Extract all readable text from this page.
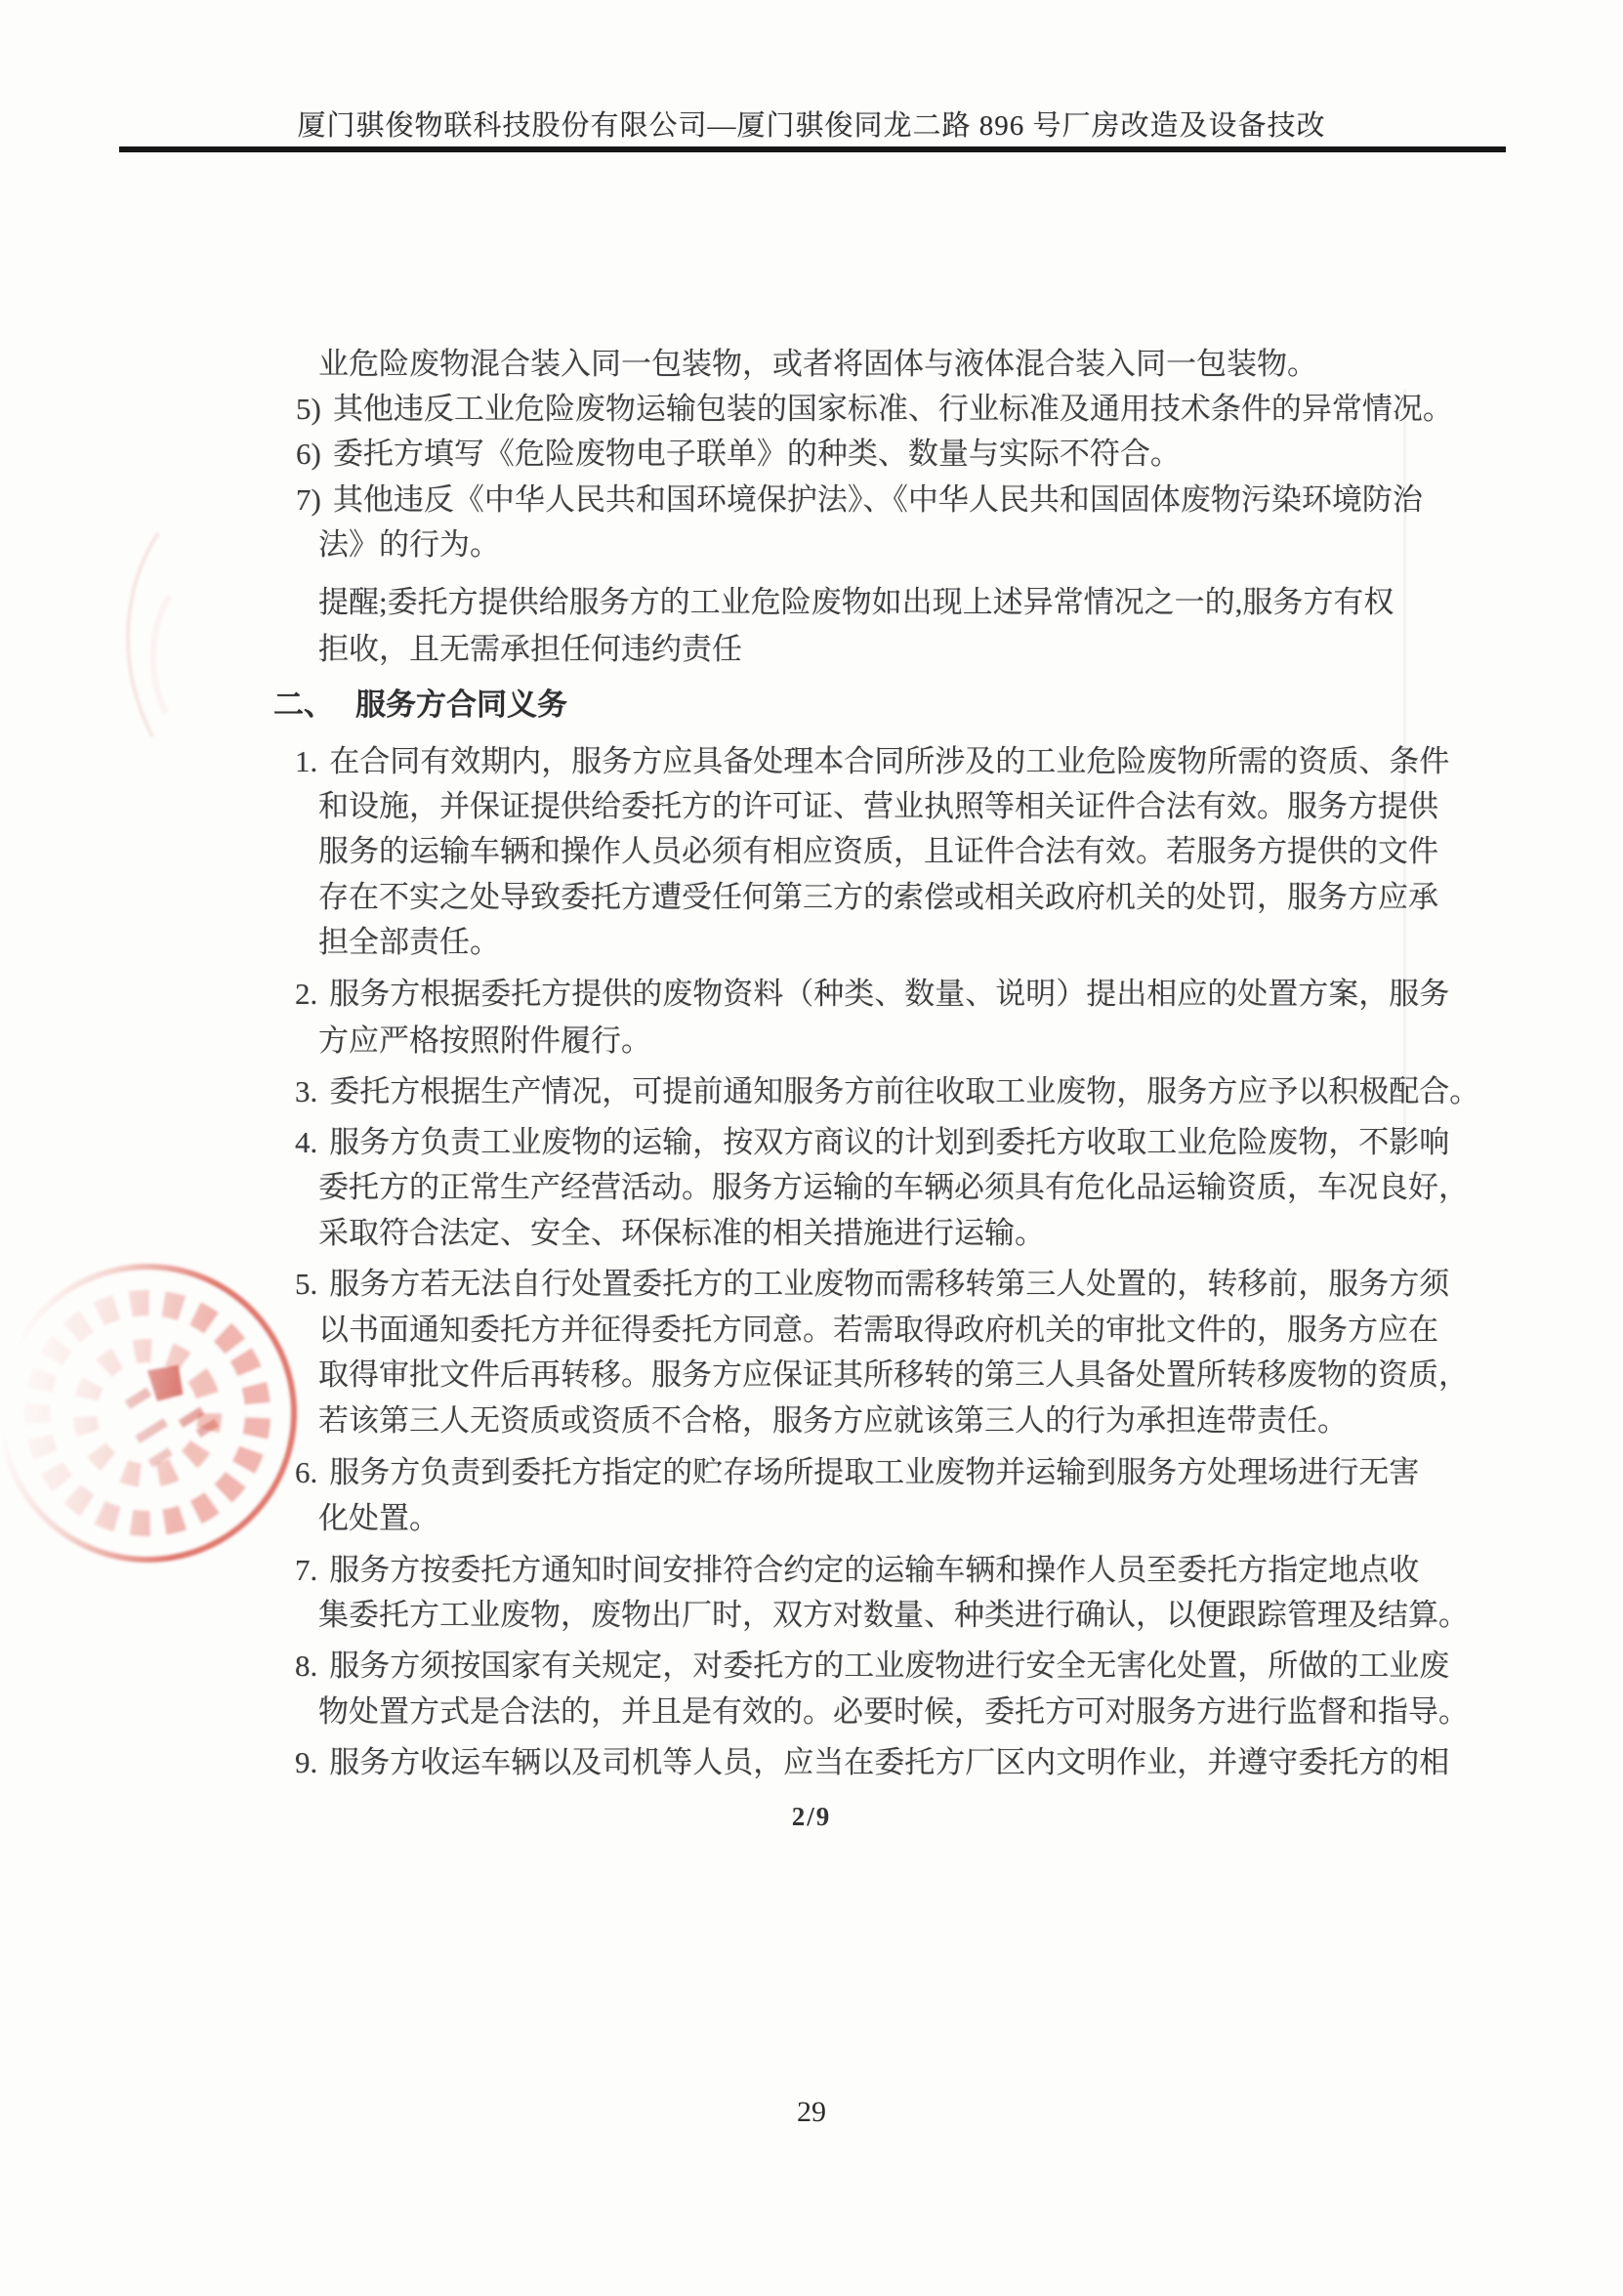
厦门骐俊物联科技股份有限公司—厦门骐俊同龙二路 896 号厂房改造及设备技改
业危险废物混合装入同一包装物，或者将固体与液体混合装入同一包装物。
5) 其他违反工业危险废物运输包装的国家标准、行业标准及通用技术条件的异常情况。
6) 委托方填写《危险废物电子联单》的种类、数量与实际不符合。
7) 其他违反《中华人民共和国环境保护法》、《中华人民共和国固体废物污染环境防治
法》的行为。
提醒;委托方提供给服务方的工业危险废物如出现上述异常情况之一的,服务方有权
拒收，且无需承担任何违约责任
二、 服务方合同义务
1. 在合同有效期内，服务方应具备处理本合同所涉及的工业危险废物所需的资质、条件
和设施，并保证提供给委托方的许可证、营业执照等相关证件合法有效。服务方提供
服务的运输车辆和操作人员必须有相应资质，且证件合法有效。若服务方提供的文件
存在不实之处导致委托方遭受任何第三方的索偿或相关政府机关的处罚，服务方应承
担全部责任。
2. 服务方根据委托方提供的废物资料（种类、数量、说明）提出相应的处置方案，服务
方应严格按照附件履行。
3. 委托方根据生产情况，可提前通知服务方前往收取工业废物，服务方应予以积极配合。
4. 服务方负责工业废物的运输，按双方商议的计划到委托方收取工业危险废物，不影响
委托方的正常生产经营活动。服务方运输的车辆必须具有危化品运输资质，车况良好，
采取符合法定、安全、环保标准的相关措施进行运输。
5. 服务方若无法自行处置委托方的工业废物而需移转第三人处置的，转移前，服务方须
以书面通知委托方并征得委托方同意。若需取得政府机关的审批文件的，服务方应在
取得审批文件后再转移。服务方应保证其所移转的第三人具备处置所转移废物的资质，
若该第三人无资质或资质不合格，服务方应就该第三人的行为承担连带责任。
6. 服务方负责到委托方指定的贮存场所提取工业废物并运输到服务方处理场进行无害
化处置。
7. 服务方按委托方通知时间安排符合约定的运输车辆和操作人员至委托方指定地点收
集委托方工业废物，废物出厂时，双方对数量、种类进行确认，以便跟踪管理及结算。
8. 服务方须按国家有关规定，对委托方的工业废物进行安全无害化处置，所做的工业废
物处置方式是合法的，并且是有效的。必要时候，委托方可对服务方进行监督和指导。
9. 服务方收运车辆以及司机等人员，应当在委托方厂区内文明作业，并遵守委托方的相
2/9
29
